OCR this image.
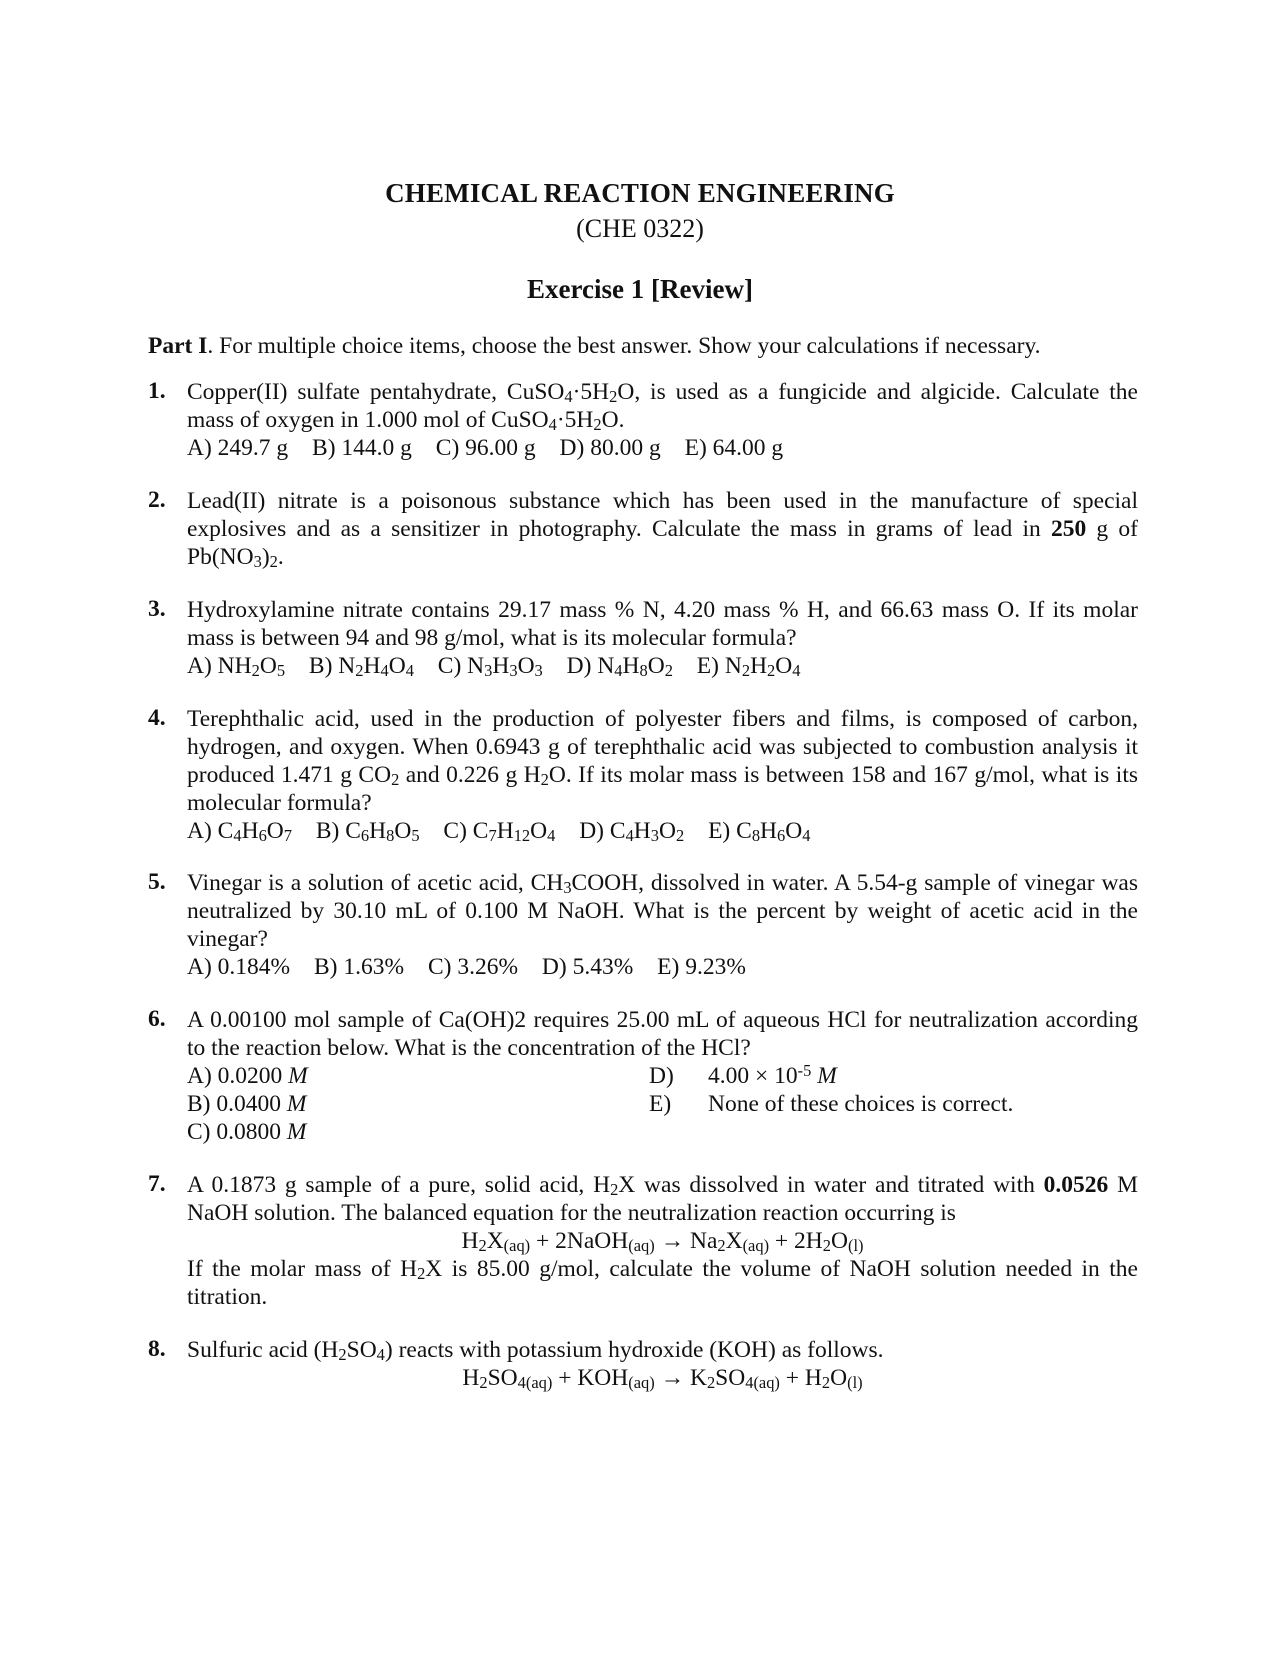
CHEMICAL REACTION ENGINEERING
(CHE 0322)
Exercise 1 [Review]
Part I. For multiple choice items, choose the best answer. Show your calculations if necessary.
1. Copper(II) sulfate pentahydrate, $CuSO_4\cdot 5H_2O$, is used as a fungicide and algicide. Calculate the mass of oxygen in 1.000 mol of $CuSO_4\cdot 5H_2O$.
A) 249.7 g B) 144.0 g C) 96.00 g D) 80.00 g E) 64.00 g
2. Lead(II) nitrate is a poisonous substance which has been used in the manufacture of special explosives and as a sensitizer in photography. Calculate the mass in grams of lead in 250 g of $Pb(NO_3)_2$.
3. Hydroxylamine nitrate contains 29.17 mass % N, 4.20 mass % H, and 66.63 mass O. If its molar mass is between 94 and 98 g/mol, what is its molecular formula?
A) $NH_2O_5$ B) $N_2H_4O_4$ C) $N_3H_3O_3$ D) $N_4H_8O_2$ E) $N_2H_2O_4$
4. Terephthalic acid, used in the production of polyester fibers and films, is composed of carbon, hydrogen, and oxygen. When 0.6943 g of terephthalic acid was subjected to combustion analysis it produced 1.471 g $CO_2$ and 0.226 g $H_2O$. If its molar mass is between 158 and 167 g/mol, what is its molecular formula?
A) $C_4H_6O_7$ B) $C_6H_8O_5$ C) $C_7H_{12}O_4$ D) $C_4H_3O_2$ E) $C_8H_6O_4$
5. Vinegar is a solution of acetic acid, $CH_3COOH$, dissolved in water. A 5.54-g sample of vinegar was neutralized by 30.10 mL of 0.100 M NaOH. What is the percent by weight of acetic acid in the vinegar?
A) 0.184% B) 1.63% C) 3.26% D) 5.43% E) 9.23%
6. A 0.00100 mol sample of Ca(OH)2 requires 25.00 mL of aqueous HCl for neutralization according to the reaction below. What is the concentration of the HCl?
A) 0.0200 M
B) 0.0400 M
C) 0.0800 M
D) $4.00 \times 10^{-5}$ M
E) None of these choices is correct.
7. A 0.1873 g sample of a pure, solid acid, $H_2X$ was dissolved in water and titrated with 0.0526 M NaOH solution. The balanced equation for the neutralization reaction occurring is
$H_2X_{(aq)}$ + 2NaOH$_{(aq)}$ → $Na_2X_{(aq)} + 2H_2O_{(l)}$
If the molar mass of $H_2X$ is 85.00 g/mol, calculate the volume of NaOH solution needed in the titration.
8. Sulfuric acid $(H_2SO_4)$ reacts with potassium hydroxide (KOH) as follows.
$H_2SO_{4(aq)} + KOH_{(aq)} \to K_2SO_{4(aq)} + H_2O_{(l)}$
